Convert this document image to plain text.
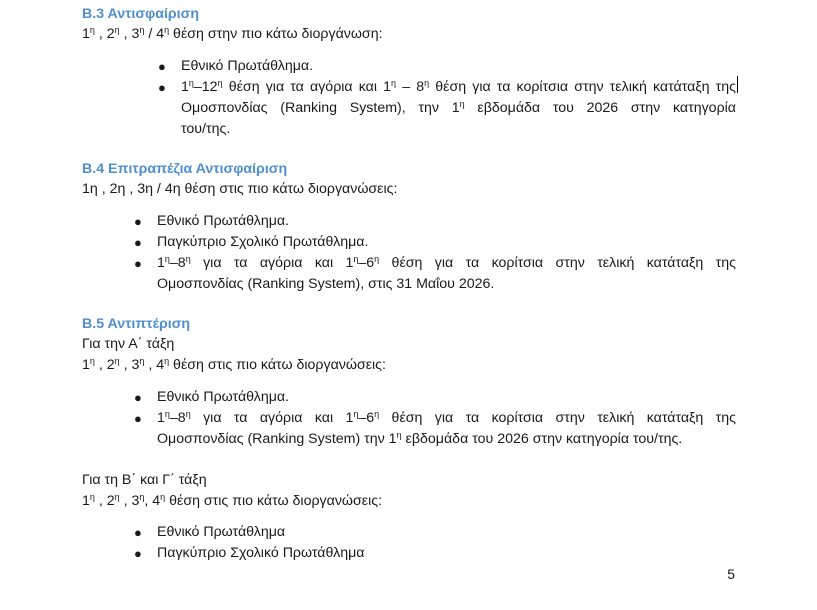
Β.3 Αντισφαίριση
$1^\eta$ , $2^\eta$ , $3^\eta / 4^\eta$ θέση στην πιο κάτω διοργάνωση:
● Εθνικό Πρωτάθλημα.
● $1^\eta-12^\eta$ θέση για τα αγόρια και $1^\eta - 8^\eta$ θέση για τα κορίτσια στην τελική κατάταξη της
Ομοσπονδίας (Ranking System), την $1^\eta$ εβδομάδα του 2026 στην κατηγορία
του/της.
Β.4 Επιτραπέζια Αντισφαίριση
1η , 2η , 3η / 4η θέση στις πιο κάτω διοργανώσεις:
● Εθνικό Πρωτάθλημα.
● Παγκύπριο Σχολικό Πρωτάθλημα.
● $1^\eta-8^\eta$ για τα αγόρια και $1^\eta-6^\eta$ θέση για τα κορίτσια στην τελική κατάταξη της
Ομοσπονδίας (Ranking System), στις 31 Μαΐου 2026.
Β.5 Αντιπτέριση
Για την Α΄ τάξη
$1^\eta$ , $2^\eta$ , $3^\eta$ , $4^\eta$ θέση στις πιο κάτω διοργανώσεις:
● Εθνικό Πρωτάθλημα.
● $1^\eta-8^\eta$ για τα αγόρια και $1^\eta-6^\eta$ θέση για τα κορίτσια στην τελική κατάταξη της
Ομοσπονδίας (Ranking System) την $1^\eta$ εβδομάδα του 2026 στην κατηγορία του/της.
Για τη Β΄ και Γ΄ τάξη
$1^\eta$ , $2^\eta$ , $3^\eta$, $4^\eta$ θέση στις πιο κάτω διοργανώσεις:
● Εθνικό Πρωτάθλημα
● Παγκύπριο Σχολικό Πρωτάθλημα
5
